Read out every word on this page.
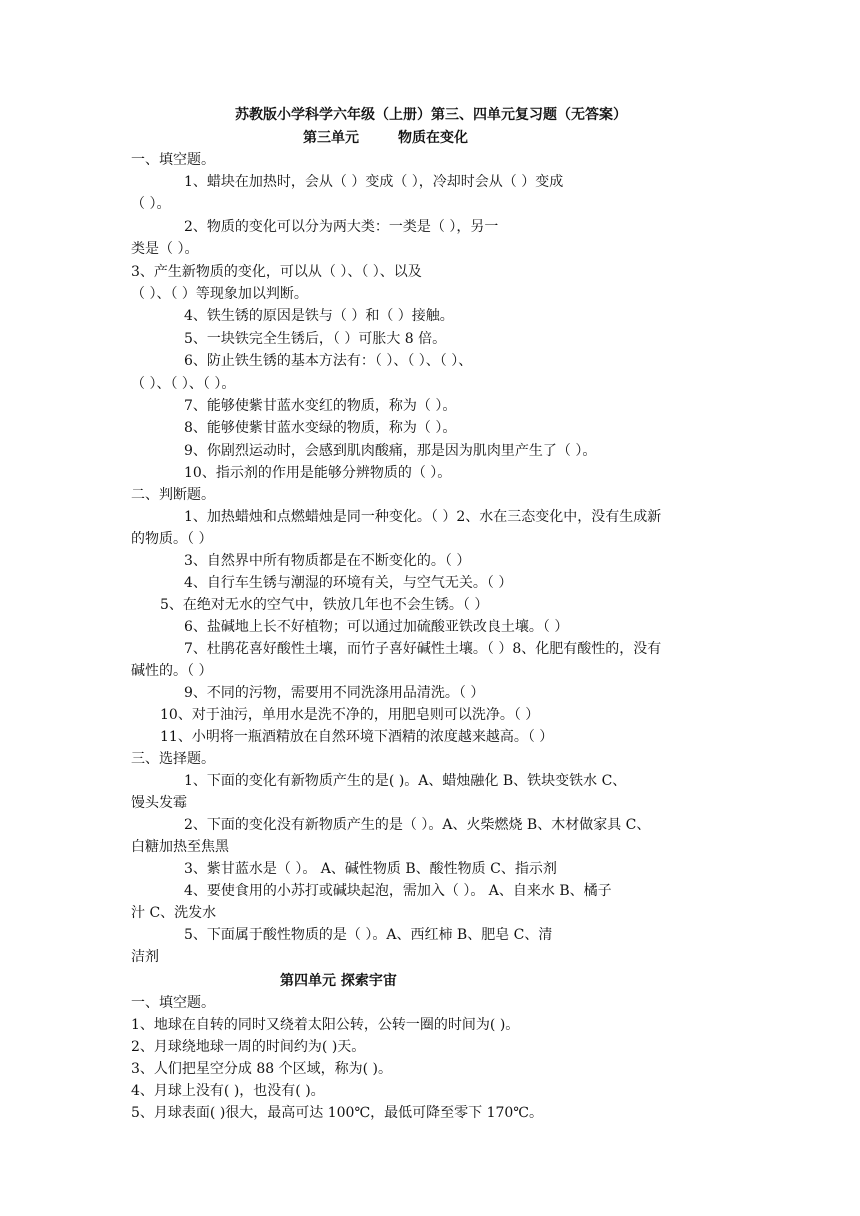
苏教版小学科学六年级（上册）第三、四单元复习题（无答案）
第三单元        物质在变化
一、填空题。
1、蜡块在加热时，会从（ ）变成（ ），冷却时会从（ ）变成
（ ）。
2、物质的变化可以分为两大类：一类是（ ），另一
类是（ ）。
3、产生新物质的变化，可以从（ ）、（ ）、以及
（ ）、（ ）等现象加以判断。
4、铁生锈的原因是铁与（ ）和（ ）接触。
5、一块铁完全生锈后，（ ）可胀大 8 倍。
6、防止铁生锈的基本方法有：（ ）、（ ）、（ ）、
（ ）、（ ）、（ ）。
7、能够使紫甘蓝水变红的物质，称为（ ）。
8、能够使紫甘蓝水变绿的物质，称为（ ）。
9、你剧烈运动时，会感到肌肉酸痛，那是因为肌肉里产生了（ ）。
10、指示剂的作用是能够分辨物质的（ ）。
二、判断题。
1、加热蜡烛和点燃蜡烛是同一种变化。（ ）2、水在三态变化中，没有生成新
的物质。（ ）
3、自然界中所有物质都是在不断变化的。（ ）
4、自行车生锈与潮湿的环境有关，与空气无关。（ ）
5、在绝对无水的空气中，铁放几年也不会生锈。（ ）
6、盐碱地上长不好植物；可以通过加硫酸亚铁改良土壤。（ ）
7、杜鹃花喜好酸性土壤，而竹子喜好碱性土壤。（ ）8、化肥有酸性的，没有
碱性的。（ ）
9、不同的污物，需要用不同洗涤用品清洗。（ ）
10、对于油污，单用水是洗不净的，用肥皂则可以洗净。（ ）
11、小明将一瓶酒精放在自然环境下酒精的浓度越来越高。（ ）
三、选择题。
1、下面的变化有新物质产生的是( )。A、蜡烛融化 B、铁块变铁水 C、
馒头发霉
2、下面的变化没有新物质产生的是（ ）。A、火柴燃烧 B、木材做家具 C、
白糖加热至焦黑
3、紫甘蓝水是（ ）。 A、碱性物质 B、酸性物质 C、指示剂
4、要使食用的小苏打或碱块起泡，需加入（ ）。 A、自来水 B、橘子
汁 C、洗发水
5、下面属于酸性物质的是（ ）。A、西红柿 B、肥皂 C、清
洁剂
第四单元 探索宇宙
一、填空题。
1、地球在自转的同时又绕着太阳公转，公转一圈的时间为( )。
2、月球绕地球一周的时间约为( )天。
3、人们把星空分成 88 个区域，称为( )。
4、月球上没有( )，也没有( )。
5、月球表面( )很大，最高可达 100℃，最低可降至零下 170℃。
